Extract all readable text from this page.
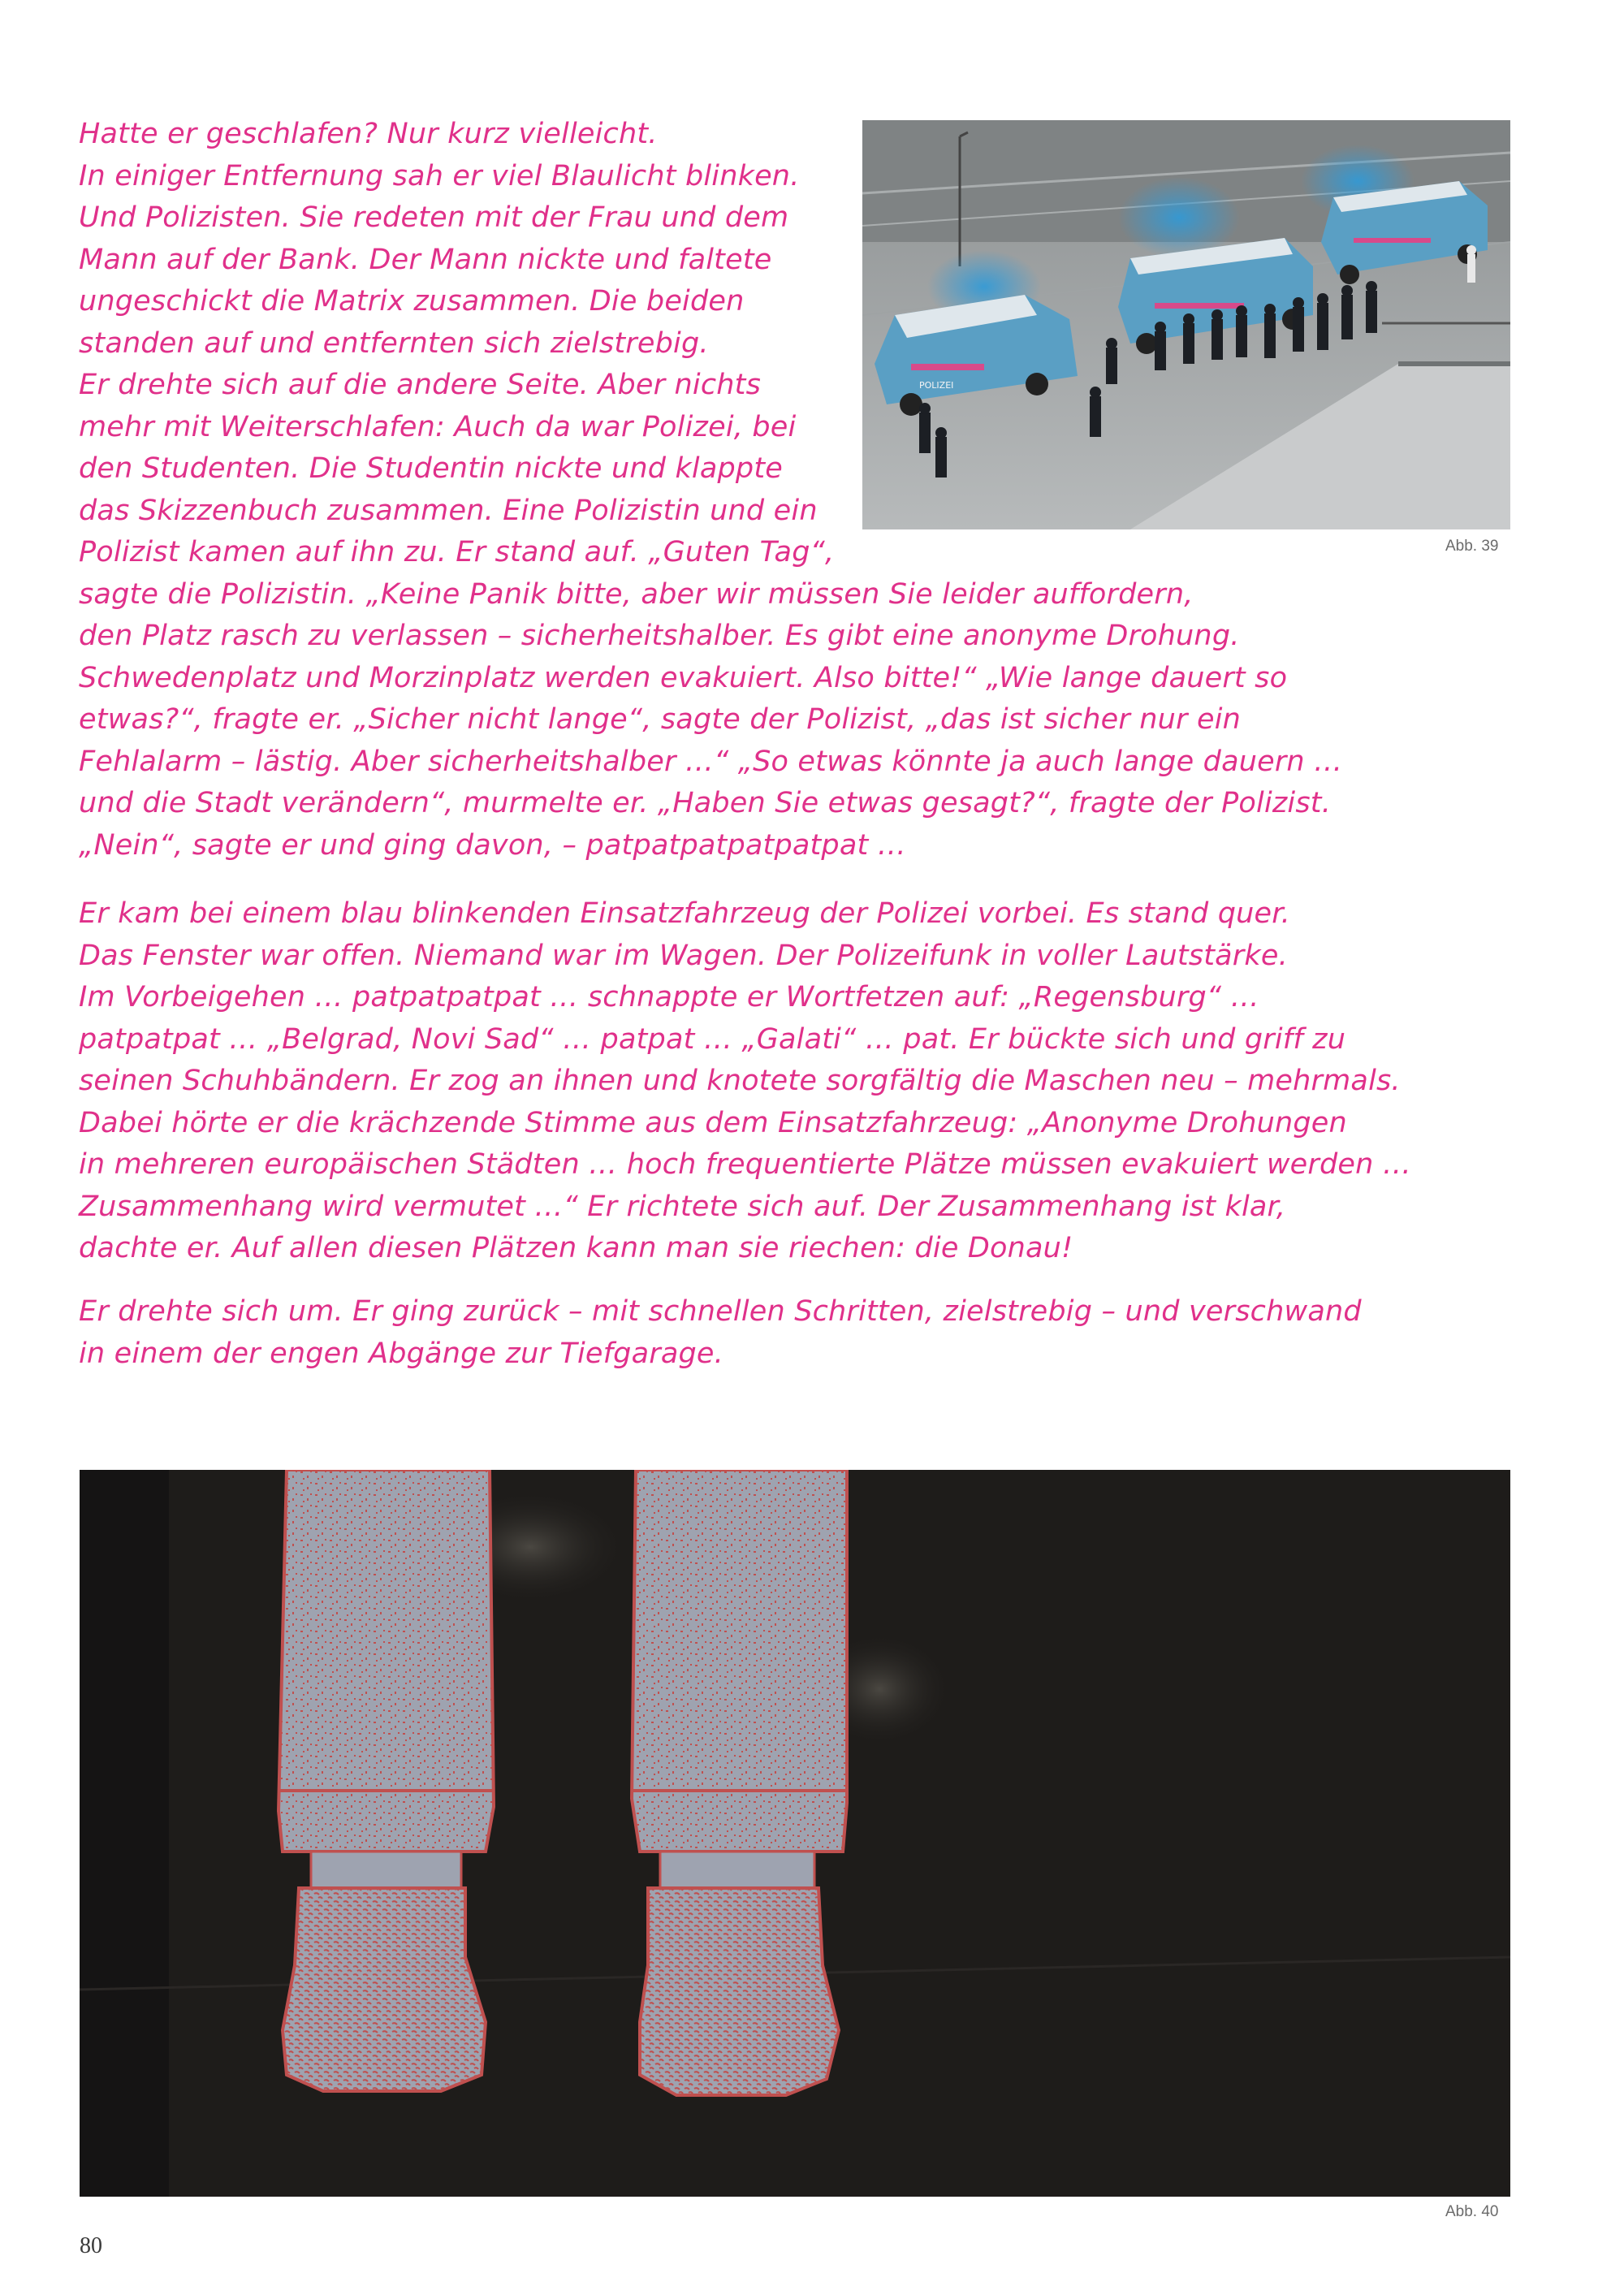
Hatte er geschlafen? Nur kurz vielleicht.
In einiger Entfernung sah er viel Blaulicht blinken.
Und Polizisten. Sie redeten mit der Frau und dem
Mann auf der Bank. Der Mann nickte und faltete
ungeschickt die Matrix zusammen. Die beiden
standen auf und entfernten sich zielstrebig.
Er drehte sich auf die andere Seite. Aber nichts
mehr mit Weiterschlafen: Auch da war Polizei, bei
den Studenten. Die Studentin nickte und klappte
das Skizzenbuch zusammen. Eine Polizistin und ein
Polizist kamen auf ihn zu. Er stand auf. „Guten Tag“,
sagte die Polizistin. „Keine Panik bitte, aber wir müssen Sie leider auffordern,
den Platz rasch zu verlassen – sicherheitshalber. Es gibt eine anonyme Drohung.
Schwedenplatz und Morzinplatz werden evakuiert. Also bitte!“ „Wie lange dauert so
etwas?“, fragte er. „Sicher nicht lange“, sagte der Polizist, „das ist sicher nur ein
Fehlalarm – lästig. Aber sicherheitshalber …“ „So etwas könnte ja auch lange dauern …
und die Stadt verändern“, murmelte er. „Haben Sie etwas gesagt?“, fragte der Polizist.
„Nein“, sagte er und ging davon, – patpatpatpatpatpat …
Er kam bei einem blau blinkenden Einsatzfahrzeug der Polizei vorbei. Es stand quer.
Das Fenster war offen. Niemand war im Wagen. Der Polizeifunk in voller Lautstärke.
Im Vorbeigehen … patpatpatpat … schnappte er Wortfetzen auf: „Regensburg“ …
patpatpat … „Belgrad, Novi Sad“ … patpat … „Galati“ … pat. Er bückte sich und griff zu
seinen Schuhbändern. Er zog an ihnen und knotete sorgfältig die Maschen neu – mehrmals.
Dabei hörte er die krächzende Stimme aus dem Einsatzfahrzeug: „Anonyme Drohungen
in mehreren europäischen Städten … hoch frequentierte Plätze müssen evakuiert werden …
Zusammenhang wird vermutet …“ Er richtete sich auf. Der Zusammenhang ist klar,
dachte er. Auf allen diesen Plätzen kann man sie riechen: die Donau!
Er drehte sich um. Er ging zurück – mit schnellen Schritten, zielstrebig – und verschwand
in einem der engen Abgänge zur Tiefgarage.
POLIZEI
Abb. 39
Abb. 40
80
